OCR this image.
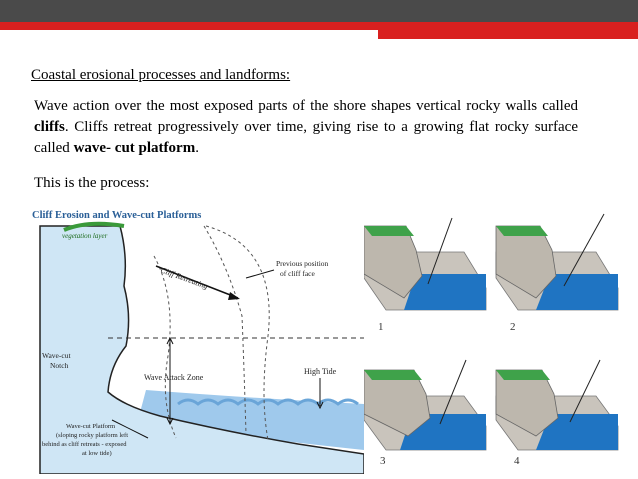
Coastal erosional processes and landforms:
Wave action over the most exposed parts of the shore shapes vertical rocky walls called cliffs. Cliffs retreat progressively over time, giving rise to a growing flat rocky surface called wave- cut platform.
This is the process:
vegetation layer
Cliff Erosion and Wave-cut Platforms
Cliff Retreating
Previous position
of cliff face
Wave-cut
Notch
Wave Attack Zone
High Tide
Wave-cut Platform
(sloping rocky platform left
behind as cliff retreats - exposed
at low tide)
1	2
3	4
